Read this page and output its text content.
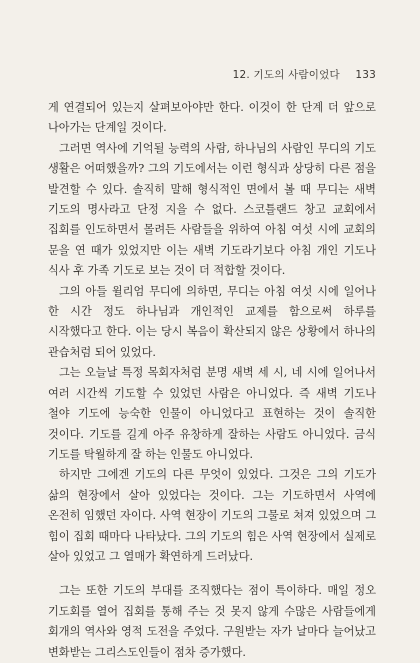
12. 기도의 사람이었다 133

게 연결되어 있는지 살펴보아야만 한다. 이것이 한 단계 더 앞으로 나아가는 단계일 것이다.

그러면 역사에 기억될 능력의 사람, 하나님의 사람인 무디의 기도 생활은 어떠했을까? 그의 기도에서는 이런 형식과 상당히 다른 점을 발견할 수 있다. 솔직히 말해 형식적인 면에서 볼 때 무디는 새벽 기도의 명사라고 단정 지을 수 없다. 스코틀랜드 창고 교회에서 집회를 인도하면서 몰려든 사람들을 위하여 아침 여섯 시에 교회의 문을 연 때가 있었지만 이는 새벽 기도라기보다 아침 개인 기도나 식사 후 가족 기도로 보는 것이 더 적합할 것이다.

그의 아들 윌리엄 무디에 의하면, 무디는 아침 여섯 시에 일어나 한 시간 정도 하나님과 개인적인 교제를 함으로써 하루를 시작했다고 한다. 이는 당시 복음이 확산되지 않은 상황에서 하나의 관습처럼 되어 있었다.

그는 오늘날 특정 목회자처럼 분명 새벽 세 시, 네 시에 일어나서 여러 시간씩 기도할 수 있었던 사람은 아니었다. 즉 새벽 기도나 철야 기도에 능숙한 인물이 아니었다고 표현하는 것이 솔직한 것이다. 기도를 길게 아주 유창하게 잘하는 사람도 아니었다. 금식 기도를 탁월하게 잘 하는 인물도 아니었다.

하지만 그에겐 기도의 다른 무엇이 있었다. 그것은 그의 기도가 삶의 현장에서 살아 있었다는 것이다. 그는 기도하면서 사역에 온전히 임했던 자이다. 사역 현장이 기도의 그물로 쳐져 있었으며 그 힘이 집회 때마다 나타났다. 그의 기도의 힘은 사역 현장에서 실제로 살아 있었고 그 열매가 확연하게 드러났다.

그는 또한 기도의 부대를 조직했다는 점이 특이하다. 매일 정오 기도회를 열어 집회를 통해 주는 것 못지 않게 수많은 사람들에게 회개의 역사와 영적 도전을 주었다. 구원받는 자가 날마다 늘어났고 변화받는 그리스도인들이 점차 증가했다.
